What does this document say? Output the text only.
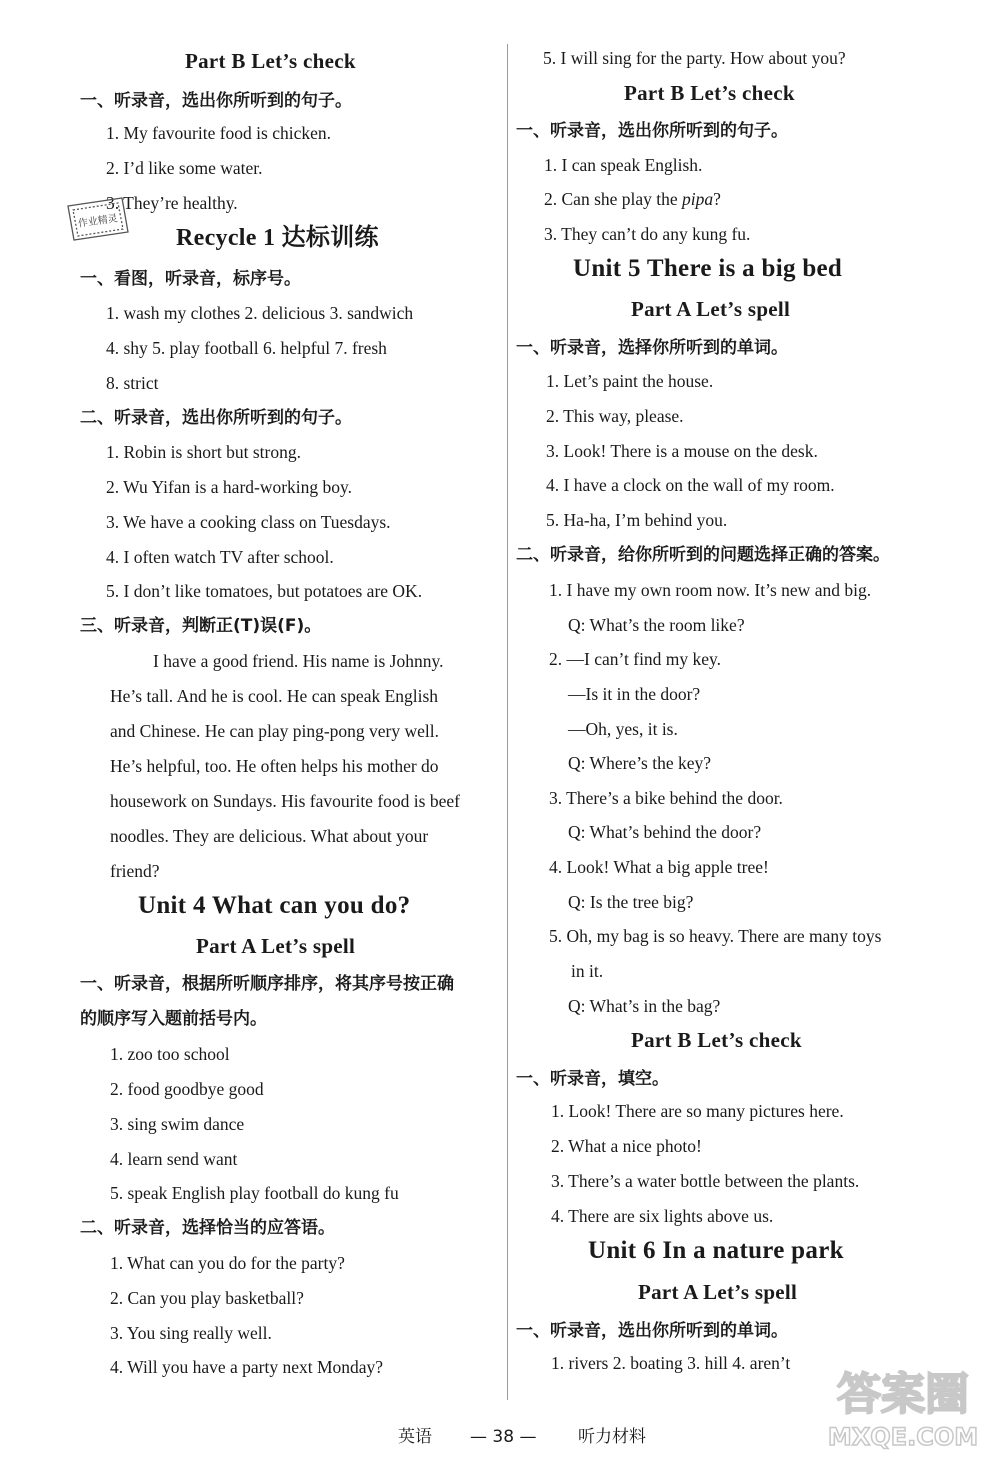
Part B Let’s check
一、听录音，选出你所听到的句子。
1. My favourite food is chicken.
2. I’d like some water.
3. They’re healthy.
Recycle 1 达标训练
一、看图，听录音，标序号。
1. wash my clothes 2. delicious 3. sandwich
4. shy 5. play football 6. helpful 7. fresh
8. strict
二、听录音，选出你所听到的句子。
1. Robin is short but strong.
2. Wu Yifan is a hard-working boy.
3. We have a cooking class on Tuesdays.
4. I often watch TV after school.
5. I don’t like tomatoes, but potatoes are OK.
三、听录音，判断正(T)误(F)。
I have a good friend. His name is Johnny.
He’s tall. And he is cool. He can speak English
and Chinese. He can play ping-pong very well.
He’s helpful, too. He often helps his mother do
housework on Sundays. His favourite food is beef
noodles. They are delicious. What about your
friend?
Unit 4 What can you do?
Part A Let’s spell
一、听录音，根据所听顺序排序，将其序号按正确
的顺序写入题前括号内。
1. zoo too school
2. food goodbye good
3. sing swim dance
4. learn send want
5. speak English play football do kung fu
二、听录音，选择恰当的应答语。
1. What can you do for the party?
2. Can you play basketball?
3. You sing really well.
4. Will you have a party next Monday?
5. I will sing for the party. How about you?
Part B Let’s check
一、听录音，选出你所听到的句子。
1. I can speak English.
2. Can she play the pipa?
3. They can’t do any kung fu.
Unit 5 There is a big bed
Part A Let’s spell
一、听录音，选择你所听到的单词。
1. Let’s paint the house.
2. This way, please.
3. Look! There is a mouse on the desk.
4. I have a clock on the wall of my room.
5. Ha-ha, I’m behind you.
二、听录音，给你所听到的问题选择正确的答案。
1. I have my own room now. It’s new and big.
Q: What’s the room like?
2. —I can’t find my key.
—Is it in the door?
—Oh, yes, it is.
Q: Where’s the key?
3. There’s a bike behind the door.
Q: What’s behind the door?
4. Look! What a big apple tree!
Q: Is the tree big?
5. Oh, my bag is so heavy. There are many toys
in it.
Q: What’s in the bag?
Part B Let’s check
一、听录音，填空。
1. Look! There are so many pictures here.
2. What a nice photo!
3. There’s a water bottle between the plants.
4. There are six lights above us.
Unit 6 In a nature park
Part A Let’s spell
一、听录音，选出你所听到的单词。
1. rivers 2. boating 3. hill 4. aren’t
作业精灵
英语 — 38 — 听力材料
答案圈
MXQE.COM
